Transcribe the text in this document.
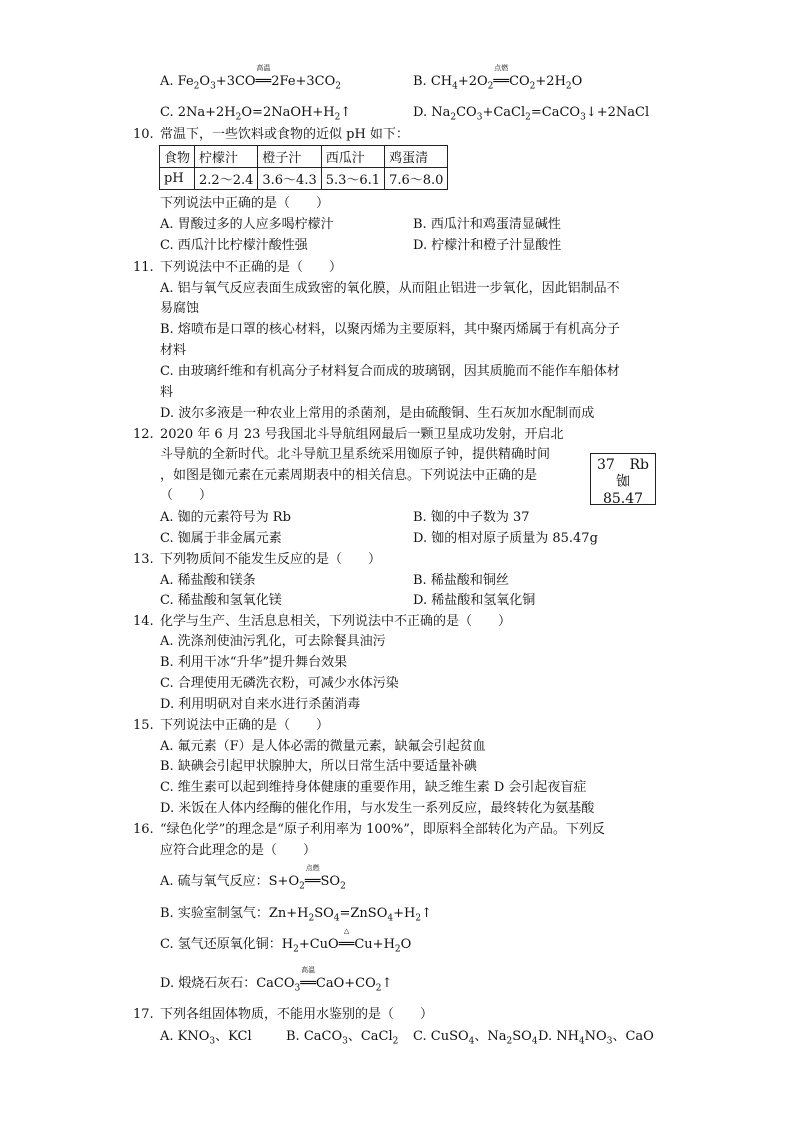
A. $Fe_2O_3+3CO$
高温
$══2Fe+3CO_2$	B. $CH_4+2O_2$
点燃
$══CO_2+2H_2O$
C. $2Na+2H_2O=2NaOH+H_2↑$	D. $Na_2CO_3+CaCl_2=CaCO_3↓+2NaCl$
10. 常温下，一些饮料或食物的近似 pH 如下：
食物	柠檬汁	橙子汁	西瓜汁	鸡蛋清
pH	2.2～2.4	3.6～4.3	5.3～6.1	7.6～8.0
下列说法中正确的是（　　）
A. 胃酸过多的人应多喝柠檬汁	B. 西瓜汁和鸡蛋清显碱性
C. 西瓜汁比柠檬汁酸性强	D. 柠檬汁和橙子汁显酸性
11. 下列说法中不正确的是（　　）
A. 铝与氧气反应表面生成致密的氧化膜，从而阻止铝进一步氧化，因此铝制品不
易腐蚀
B. 熔喷布是口罩的核心材料，以聚丙烯为主要原料，其中聚丙烯属于有机高分子
材料
C. 由玻璃纤维和有机高分子材料复合而成的玻璃钢，因其质脆而不能作车船体材
料
D. 波尔多液是一种农业上常用的杀菌剂，是由硫酸铜、生石灰加水配制而成
12. 2020 年 6 月 23 号我国北斗导航组网最后一颗卫星成功发射，开启北
斗导航的全新时代。北斗导航卫星系统采用铷原子钟，提供精确时间
，如图是铷元素在元素周期表中的相关信息。下列说法中正确的是
（　　）
37 Rb
铷
85.47
A. 铷的元素符号为 Rb	B. 铷的中子数为 37
C. 铷属于非金属元素	D. 铷的相对原子质量为 85.47g
13. 下列物质间不能发生反应的是（　　）
A. 稀盐酸和镁条	B. 稀盐酸和铜丝
C. 稀盐酸和氢氧化镁	D. 稀盐酸和氢氧化铜
14. 化学与生产、生活息息相关，下列说法中不正确的是（　　）
A. 洗涤剂使油污乳化，可去除餐具油污
B. 利用干冰“升华”提升舞台效果
C. 合理使用无磷洗衣粉，可减少水体污染
D. 利用明矾对自来水进行杀菌消毒
15. 下列说法中正确的是（　　）
A. 氟元素（F）是人体必需的微量元素，缺氟会引起贫血
B. 缺碘会引起甲状腺肿大，所以日常生活中要适量补碘
C. 维生素可以起到维持身体健康的重要作用，缺乏维生素 D 会引起夜盲症
D. 米饭在人体内经酶的催化作用，与水发生一系列反应，最终转化为氨基酸
16. “绿色化学”的理念是“原子利用率为 100%”，即原料全部转化为产品。下列反
应符合此理念的是（　　）
A. 硫与氧气反应：$S+O_2$
点燃
$══SO_2$
B. 实验室制氢气：$Zn+H_2SO_4=ZnSO_4+H_2↑$
C. 氢气还原氧化铜：$H_2+CuO$
△
$══Cu+H_2O$
D. 煅烧石灰石：CaCO$_3$
高温
$══CaO+CO_2↑$
17. 下列各组固体物质，不能用水鉴别的是（　　）
A. $KNO_3$、KCl	B. CaCO$_3$、CaCl$_2$ C. CuSO$_4$、$Na_2SO_4$ D. $NH_4NO_3$、CaO
